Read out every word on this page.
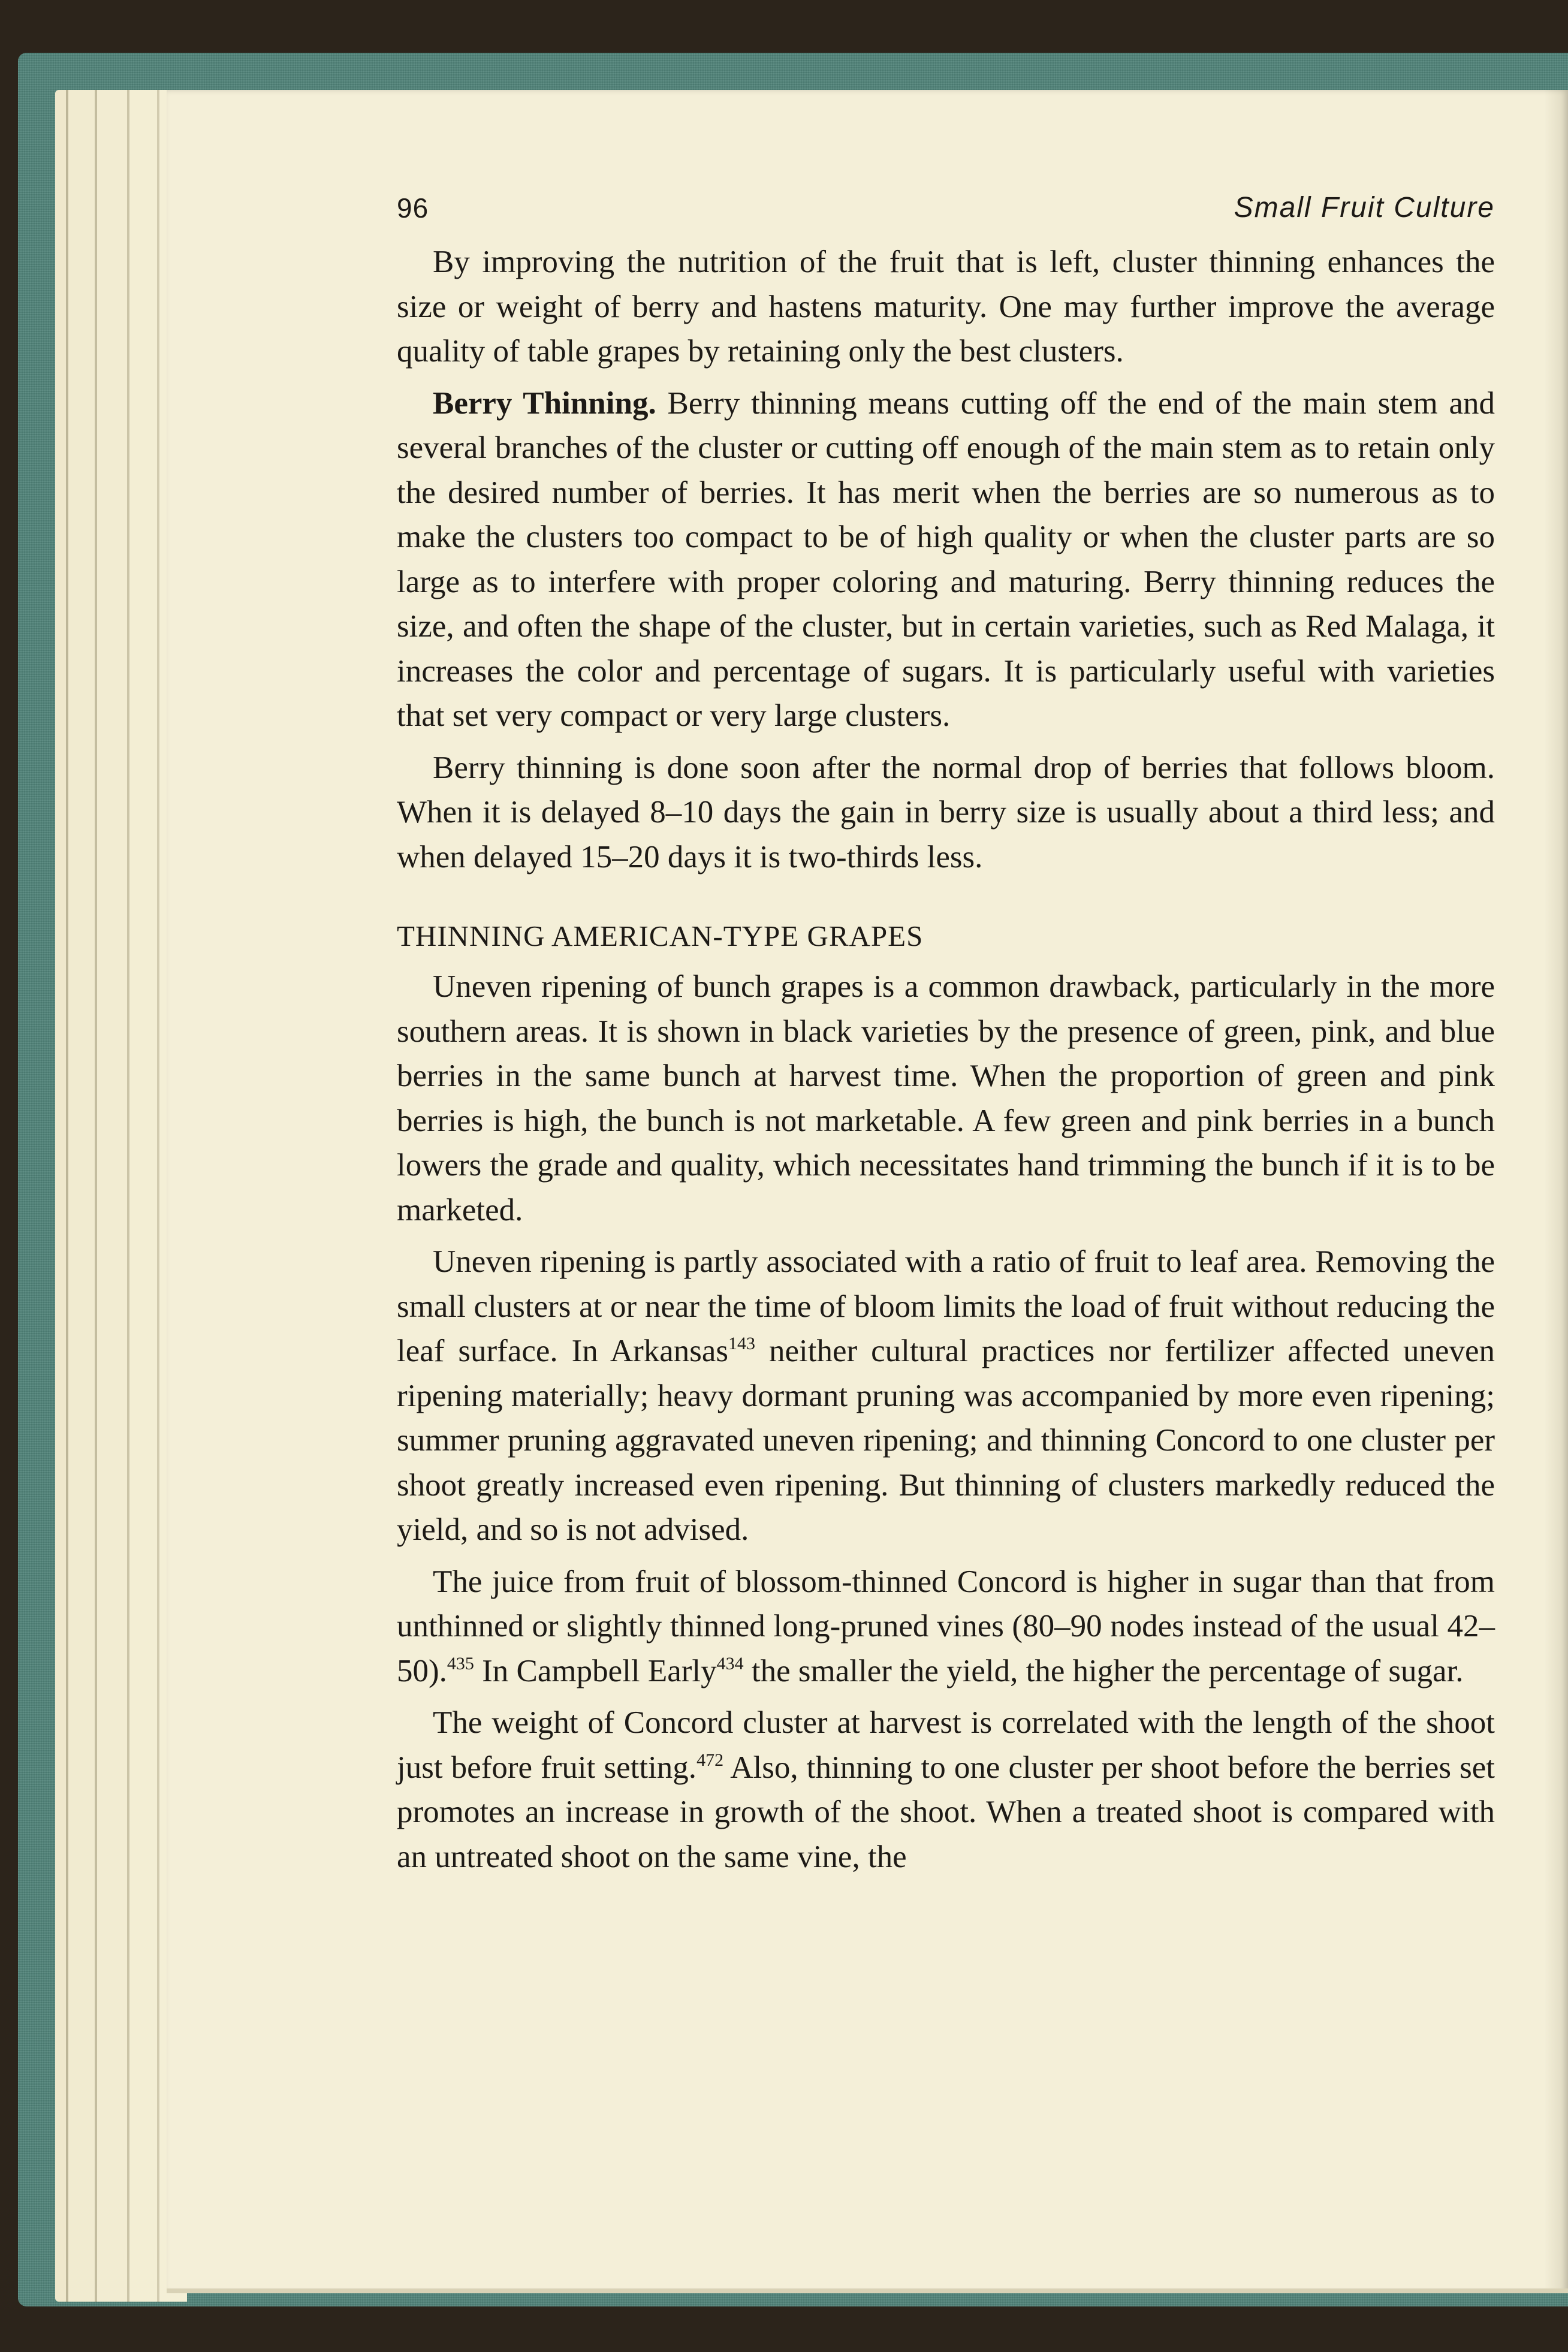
96	Small Fruit Culture

By improving the nutrition of the fruit that is left, cluster thinning enhances the size or weight of berry and hastens maturity. One may further improve the average quality of table grapes by retaining only the best clusters.

Berry Thinning. Berry thinning means cutting off the end of the main stem and several branches of the cluster or cutting off enough of the main stem as to retain only the desired number of berries. It has merit when the berries are so numerous as to make the clusters too compact to be of high quality or when the cluster parts are so large as to interfere with proper coloring and maturing. Berry thinning reduces the size, and often the shape of the cluster, but in certain varieties, such as Red Malaga, it increases the color and percentage of sugars. It is particularly useful with varieties that set very compact or very large clusters.

Berry thinning is done soon after the normal drop of berries that follows bloom. When it is delayed 8–10 days the gain in berry size is usually about a third less; and when delayed 15–20 days it is two-thirds less.

THINNING AMERICAN-TYPE GRAPES

Uneven ripening of bunch grapes is a common drawback, particularly in the more southern areas. It is shown in black varieties by the presence of green, pink, and blue berries in the same bunch at harvest time. When the proportion of green and pink berries is high, the bunch is not marketable. A few green and pink berries in a bunch lowers the grade and quality, which necessitates hand trimming the bunch if it is to be marketed.

Uneven ripening is partly associated with a ratio of fruit to leaf area. Removing the small clusters at or near the time of bloom limits the load of fruit without reducing the leaf surface. In Arkansas$^{143}$ neither cultural practices nor fertilizer affected uneven ripening materially; heavy dormant pruning was accompanied by more even ripening; summer pruning aggravated uneven ripening; and thinning Concord to one cluster per shoot greatly increased even ripening. But thinning of clusters markedly reduced the yield, and so is not advised.

The juice from fruit of blossom-thinned Concord is higher in sugar than that from unthinned or slightly thinned long-pruned vines (80–90 nodes instead of the usual 42–50).$^{435}$ In Campbell Early$^{434}$ the smaller the yield, the higher the percentage of sugar.

The weight of Concord cluster at harvest is correlated with the length of the shoot just before fruit setting.$^{472}$ Also, thinning to one cluster per shoot before the berries set promotes an increase in growth of the shoot. When a treated shoot is compared with an untreated shoot on the same vine, the
